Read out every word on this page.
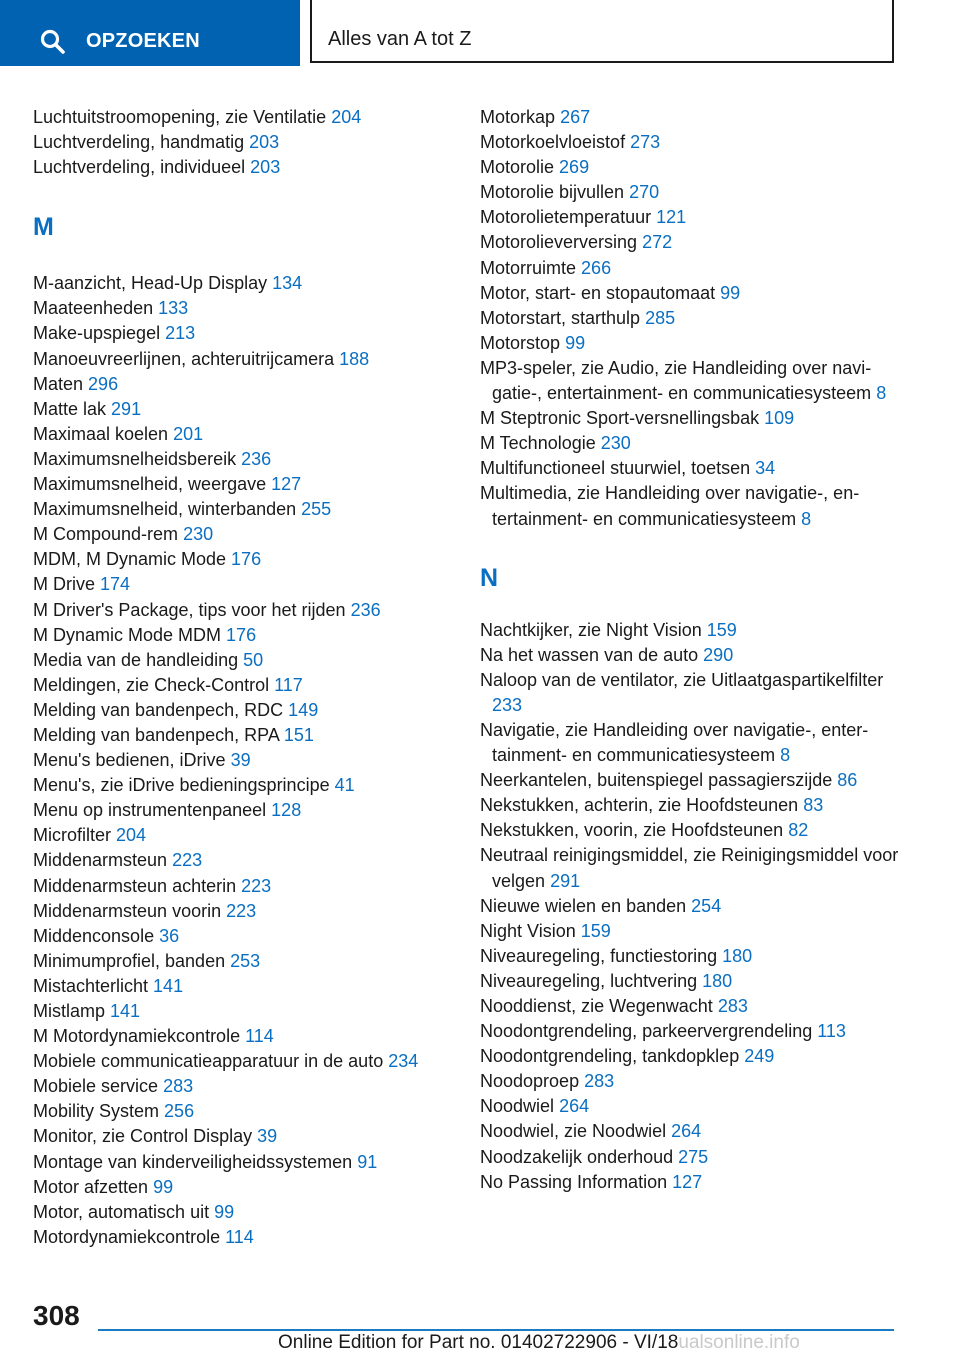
OPZOEKEN	Alles van A tot Z
Luchtuitstroomopening, zie Ventilatie 204
Luchtverdeling, handmatig 203
Luchtverdeling, individueel 203
M
M-aanzicht, Head-Up Display 134
Maateenheden 133
Make-upspiegel 213
Manoeuvreerlijnen, achteruitrijcamera 188
Maten 296
Matte lak 291
Maximaal koelen 201
Maximumsnelheidsbereik 236
Maximumsnelheid, weergave 127
Maximumsnelheid, winterbanden 255
M Compound-rem 230
MDM, M Dynamic Mode 176
M Drive 174
M Driver's Package, tips voor het rijden 236
M Dynamic Mode MDM 176
Media van de handleiding 50
Meldingen, zie Check-Control 117
Melding van bandenpech, RDC 149
Melding van bandenpech, RPA 151
Menu's bedienen, iDrive 39
Menu's, zie iDrive bedieningsprincipe 41
Menu op instrumentenpaneel 128
Microfilter 204
Middenarmsteun 223
Middenarmsteun achterin 223
Middenarmsteun voorin 223
Middenconsole 36
Minimumprofiel, banden 253
Mistachterlicht 141
Mistlamp 141
M Motordynamiekcontrole 114
Mobiele communicatieapparatuur in de auto 234
Mobiele service 283
Mobility System 256
Monitor, zie Control Display 39
Montage van kinderveiligheidssystemen 91
Motor afzetten 99
Motor, automatisch uit 99
Motordynamiekcontrole 114
Motorkap 267
Motorkoelvloeistof 273
Motorolie 269
Motorolie bijvullen 270
Motorolietemperatuur 121
Motorolieverversing 272
Motorruimte 266
Motor, start- en stopautomaat 99
Motorstart, starthulp 285
Motorstop 99
MP3-speler, zie Audio, zie Handleiding over navigatie-, entertainment- en communicatiesysteem 8
M Steptronic Sport-versnellingsbak 109
M Technologie 230
Multifunctioneel stuurwiel, toetsen 34
Multimedia, zie Handleiding over navigatie-, entertainment- en communicatiesysteem 8
N
Nachtkijker, zie Night Vision 159
Na het wassen van de auto 290
Naloop van de ventilator, zie Uitlaatgaspartikelfilter 233
Navigatie, zie Handleiding over navigatie-, entertainment- en communicatiesysteem 8
Neerkantelen, buitenspiegel passagierszijde 86
Nekstukken, achterin, zie Hoofdsteunen 83
Nekstukken, voorin, zie Hoofdsteunen 82
Neutraal reinigingsmiddel, zie Reinigingsmiddel voor velgen 291
Nieuwe wielen en banden 254
Night Vision 159
Niveauregeling, functiestoring 180
Niveauregeling, luchtvering 180
Nooddienst, zie Wegenwacht 283
Noodontgrendeling, parkeervergrendeling 113
Noodontgrendeling, tankdopklep 249
Noodoproep 283
Noodwiel 264
Noodwiel, zie Noodwiel 264
Noodzakelijk onderhoud 275
No Passing Information 127
308
Online Edition for Part no. 01402722906 - VI/18ualsonline.info
